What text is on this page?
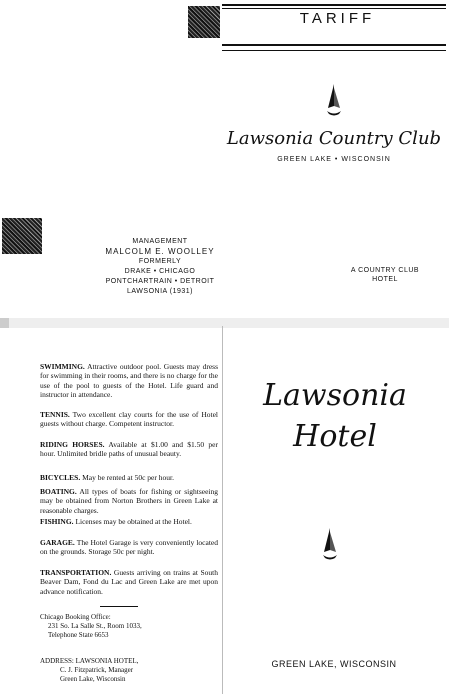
TARIFF
Lawsonia Country Club
GREEN LAKE • WISCONSIN
MANAGEMENT
MALCOLM E. WOOLLEY
FORMERLY
DRAKE • CHICAGO
PONTCHARTRAIN • DETROIT
LAWSONIA (1931)
A COUNTRY CLUB
HOTEL
SWIMMING. Attractive outdoor pool. Guests may dress for swimming in their rooms, and there is no charge for the use of the pool to guests of the Hotel. Life guard and instructor in attendance.
TENNIS. Two excellent clay courts for the use of Hotel guests without charge. Competent instructor.
RIDING HORSES. Available at $1.00 and $1.50 per hour. Unlimited bridle paths of unusual beauty.
BICYCLES. May be rented at 50c per hour.
BOATING. All types of boats for fishing or sightseeing may be obtained from Norton Brothers in Green Lake at reasonable charges.
FISHING. Licenses may be obtained at the Hotel.
GARAGE. The Hotel Garage is very conveniently located on the grounds. Storage 50c per night.
TRANSPORTATION. Guests arriving on trains at South Beaver Dam, Fond du Lac and Green Lake are met upon advance notification.
Chicago Booking Office:
231 So. La Salle St., Room 1033,
Telephone State 6653
ADDRESS: LAWSONIA HOTEL,
C. J. Fitzpatrick, Manager
Green Lake, Wisconsin
Lawsonia
Hotel
GREEN LAKE, WISCONSIN
